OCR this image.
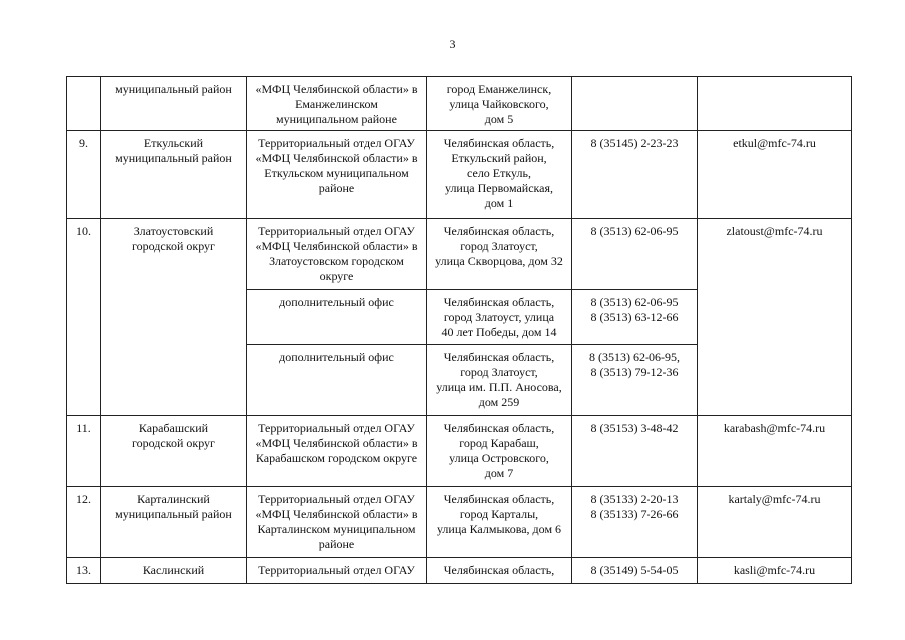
3
	муниципальный район	«МФЦ Челябинской области» в
Еманжелинском
муниципальном районе	город Еманжелинск,
улица Чайковского,
дом 5		
9.	Еткульский
муниципальный район	Территориальный отдел ОГАУ
«МФЦ Челябинской области» в
Еткульском муниципальном
районе	Челябинская область,
Еткульский район,
село Еткуль,
улица Первомайская,
дом 1	8 (35145) 2-23-23	etkul@mfc-74.ru
10.	Златоустовский
городской округ	Территориальный отдел ОГАУ
«МФЦ Челябинской области» в
Златоустовском городском
округе	Челябинская область,
город Златоуст,
улица Скворцова, дом 32	8 (3513) 62-06-95	zlatoust@mfc-74.ru
		дополнительный офис	Челябинская область,
город Златоуст, улица
40 лет Победы, дом 14	8 (3513) 62-06-95
8 (3513) 63-12-66	
		дополнительный офис	Челябинская область,
город Златоуст,
улица им. П.П. Аносова,
дом 259	8 (3513) 62-06-95,
8 (3513) 79-12-36	
11.	Карабашский
городской округ	Территориальный отдел ОГАУ
«МФЦ Челябинской области» в
Карабашском городском округе	Челябинская область,
город Карабаш,
улица Островского,
дом 7	8 (35153) 3-48-42	karabash@mfc-74.ru
12.	Карталинский
муниципальный район	Территориальный отдел ОГАУ
«МФЦ Челябинской области» в
Карталинском муниципальном
районе	Челябинская область,
город Карталы,
улица Калмыкова, дом 6	8 (35133) 2-20-13
8 (35133) 7-26-66	kartaly@mfc-74.ru
13.	Каслинский	Территориальный отдел ОГАУ	Челябинская область,	8 (35149) 5-54-05	kasli@mfc-74.ru
